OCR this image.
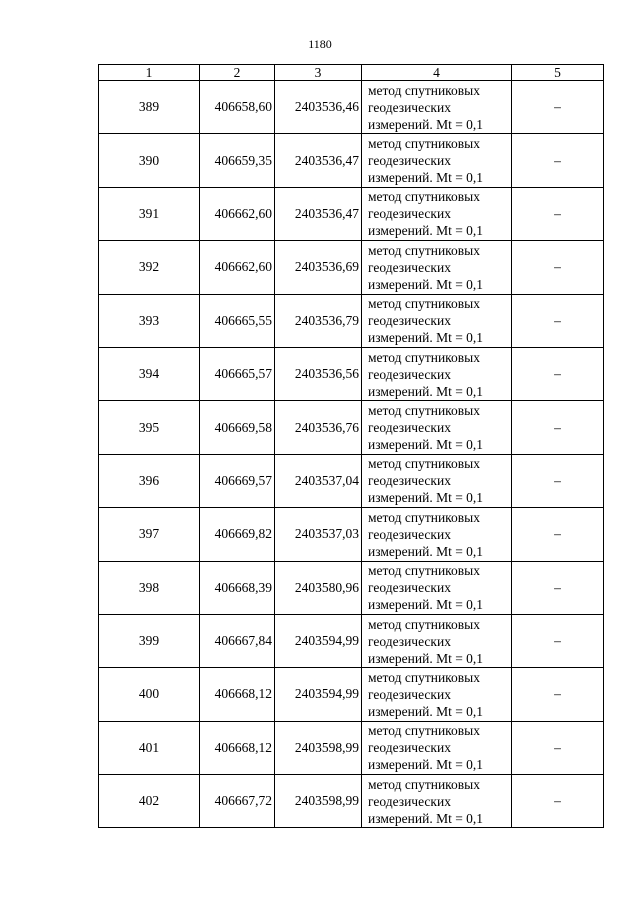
1180
1	2	3	4	5
389	406658,60	2403536,46	метод спутниковых
геодезических
измерений. Mt = 0,1	–
390	406659,35	2403536,47	метод спутниковых
геодезических
измерений. Mt = 0,1	–
391	406662,60	2403536,47	метод спутниковых
геодезических
измерений. Mt = 0,1	–
392	406662,60	2403536,69	метод спутниковых
геодезических
измерений. Mt = 0,1	–
393	406665,55	2403536,79	метод спутниковых
геодезических
измерений. Mt = 0,1	–
394	406665,57	2403536,56	метод спутниковых
геодезических
измерений. Mt = 0,1	–
395	406669,58	2403536,76	метод спутниковых
геодезических
измерений. Mt = 0,1	–
396	406669,57	2403537,04	метод спутниковых
геодезических
измерений. Mt = 0,1	–
397	406669,82	2403537,03	метод спутниковых
геодезических
измерений. Mt = 0,1	–
398	406668,39	2403580,96	метод спутниковых
геодезических
измерений. Mt = 0,1	–
399	406667,84	2403594,99	метод спутниковых
геодезических
измерений. Mt = 0,1	–
400	406668,12	2403594,99	метод спутниковых
геодезических
измерений. Mt = 0,1	–
401	406668,12	2403598,99	метод спутниковых
геодезических
измерений. Mt = 0,1	–
402	406667,72	2403598,99	метод спутниковых
геодезических
измерений. Mt = 0,1	–
